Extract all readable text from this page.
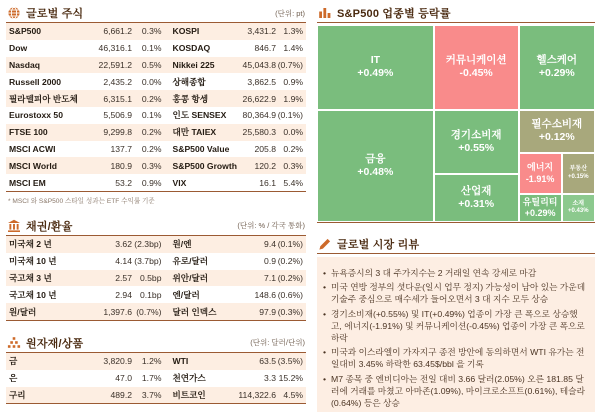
글로벌 주식	(단위: pt)
S&P500	6,661.2	0.3%	KOSPI	3,431.2 1.3%
Dow	46,316.1	0.1%	KOSDAQ	846.7 1.4%
Nasdaq	22,591.2	0.5%	Nikkei 225	45,043.8 (0.7%)
Russell 2000	2,435.2	0.0%	상해종합	3,862.5 0.9%
필라델피아 반도체	6,315.1	0.2%	홍콩 항셍	26,622.9 1.9%
Eurostoxx 50	5,506.9	0.1%	인도 SENSEX	80,364.9 (0.1%)
FTSE 100	9,299.8	0.2%	대만 TAIEX	25,580.3 0.0%
MSCI ACWI	137.7	0.2%	S&P500 Value	205.8 0.2%
MSCI World	180.9	0.3%	S&P500 Growth	120.2 0.3%
MSCI EM	53.2	0.9%	VIX	16.1 5.4%
* MSCI 와 S&P500 스타일 성과는 ETF 수익률 기준
채권/환율	(단위: % / 각국 통화)
미국채 2 년	3.62 (2.3bp)	원/엔	9.4 (0.1%)
미국채 10 년	4.14 (3.7bp)	유로/달러	0.9 (0.2%)
국고채 3 년	2.57 0.5bp	위안/달러	7.1 (0.2%)
국고채 10 년	2.94 0.1bp	엔/달러	148.6 (0.6%)
원/달러	1,397.6 (0.7%)	달러 인덱스	97.9 (0.3%)
원자재/상품	(단위: 달러/단위)
금	3,820.9	1.2%	WTI	63.5 (3.5%)
은	47.0	1.7%	천연가스	3.3 15.2%
구리	489.2	3.7%	비트코인	114,322.6 4.5%
S&P500 업종별 등락률
IT
+0.49%
커뮤니케이션
-0.45%
헬스케어
+0.29%
금융
+0.48%
경기소비재
+0.55%
필수소비재
+0.12%
산업재
+0.31%
에너지
-1.91%
부동산
+0.15%
유틸리티
+0.29%
소재
+0.43%
글로벌 시장 리뷰
• 뉴욕증시의 3 대 주가지수는 2 거래일 연속 강세로 마감
• 미국 연방 정부의 셧다운(일시 업무 정지) 가능성이 남아 있는 가운데 기술주 중심으로 매수세가 들어오면서 3 대 지수 모두 상승
• 경기소비재(+0.55%) 및 IT(+0.49%) 업종이 가장 큰 폭으로 상승했고, 에너지(-1.91%) 및 커뮤니케이션(-0.45%) 업종이 가장 큰 폭으로 하락
• 미국과 이스라엘이 가자지구 종전 방안에 동의하면서 WTI 유가는 전일대비 3.45% 하락한 63.45$/bbl 을 기록
• M7 종목 중 엔비디아는 전일 대비 3.66 달러(2.05%) 오른 181.85 달러에 거래를 마쳤고 아마존(1.09%), 마이크로소프트(0.61%), 테슬라(0.64%) 등은 상승
